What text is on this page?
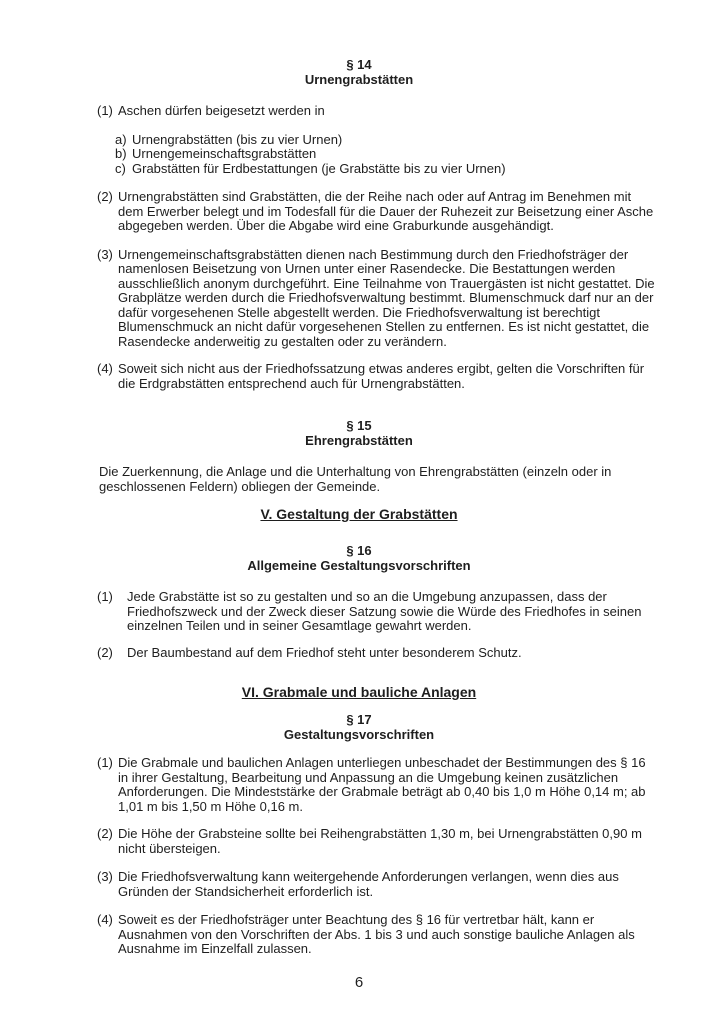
§ 14
Urnengrabstätten
(1) Aschen dürfen beigesetzt werden in
a) Urnengrabstätten (bis zu vier Urnen)
b) Urnengemeinschaftsgrabstätten
c) Grabstätten für Erdbestattungen (je Grabstätte bis zu vier Urnen)
(2) Urnengrabstätten sind Grabstätten, die der Reihe nach oder auf Antrag im Benehmen mit dem Erwerber belegt und im Todesfall für die Dauer der Ruhezeit zur Beisetzung einer Asche abgegeben werden. Über die Abgabe wird eine Graburkunde ausgehändigt.
(3) Urnengemeinschaftsgrabstätten dienen nach Bestimmung durch den Friedhofsträger der namenlosen Beisetzung von Urnen unter einer Rasendecke. Die Bestattungen werden ausschließlich anonym durchgeführt. Eine Teilnahme von Trauergästen ist nicht gestattet. Die Grabplätze werden durch die Friedhofsverwaltung bestimmt. Blumenschmuck darf nur an der dafür vorgesehenen Stelle abgestellt werden. Die Friedhofsverwaltung ist berechtigt Blumenschmuck an nicht dafür vorgesehenen Stellen zu entfernen. Es ist nicht gestattet, die Rasendecke anderweitig zu gestalten oder zu verändern.
(4) Soweit sich nicht aus der Friedhofssatzung etwas anderes ergibt, gelten die Vorschriften für die Erdgrabstätten entsprechend auch für Urnengrabstätten.
§ 15
Ehrengrabstätten
Die Zuerkennung, die Anlage und die Unterhaltung von Ehrengrabstätten (einzeln oder in geschlossenen Feldern) obliegen der Gemeinde.
V. Gestaltung der Grabstätten
§ 16
Allgemeine Gestaltungsvorschriften
(1)	Jede Grabstätte ist so zu gestalten und so an die Umgebung anzupassen, dass der Friedhofszweck und der Zweck dieser Satzung sowie die Würde des Friedhofes in seinen einzelnen Teilen und in seiner Gesamtlage gewahrt werden.
(2)	Der Baumbestand auf dem Friedhof steht unter besonderem Schutz.
VI. Grabmale und bauliche Anlagen
§ 17
Gestaltungsvorschriften
(1) Die Grabmale und baulichen Anlagen unterliegen unbeschadet der Bestimmungen des § 16 in ihrer Gestaltung, Bearbeitung und Anpassung an die Umgebung keinen zusätzlichen Anforderungen. Die Mindeststärke der Grabmale beträgt ab 0,40 bis 1,0 m Höhe 0,14 m; ab 1,01 m bis 1,50 m Höhe 0,16 m.
(2) Die Höhe der Grabsteine sollte bei Reihengrabstätten 1,30 m, bei Urnengrabstätten 0,90 m nicht übersteigen.
(3) Die Friedhofsverwaltung kann weitergehende Anforderungen verlangen, wenn dies aus Gründen der Standsicherheit erforderlich ist.
(4) Soweit es der Friedhofsträger unter Beachtung des § 16 für vertretbar hält, kann er Ausnahmen von den Vorschriften der Abs. 1 bis 3 und auch sonstige bauliche Anlagen als Ausnahme im Einzelfall zulassen.
6
